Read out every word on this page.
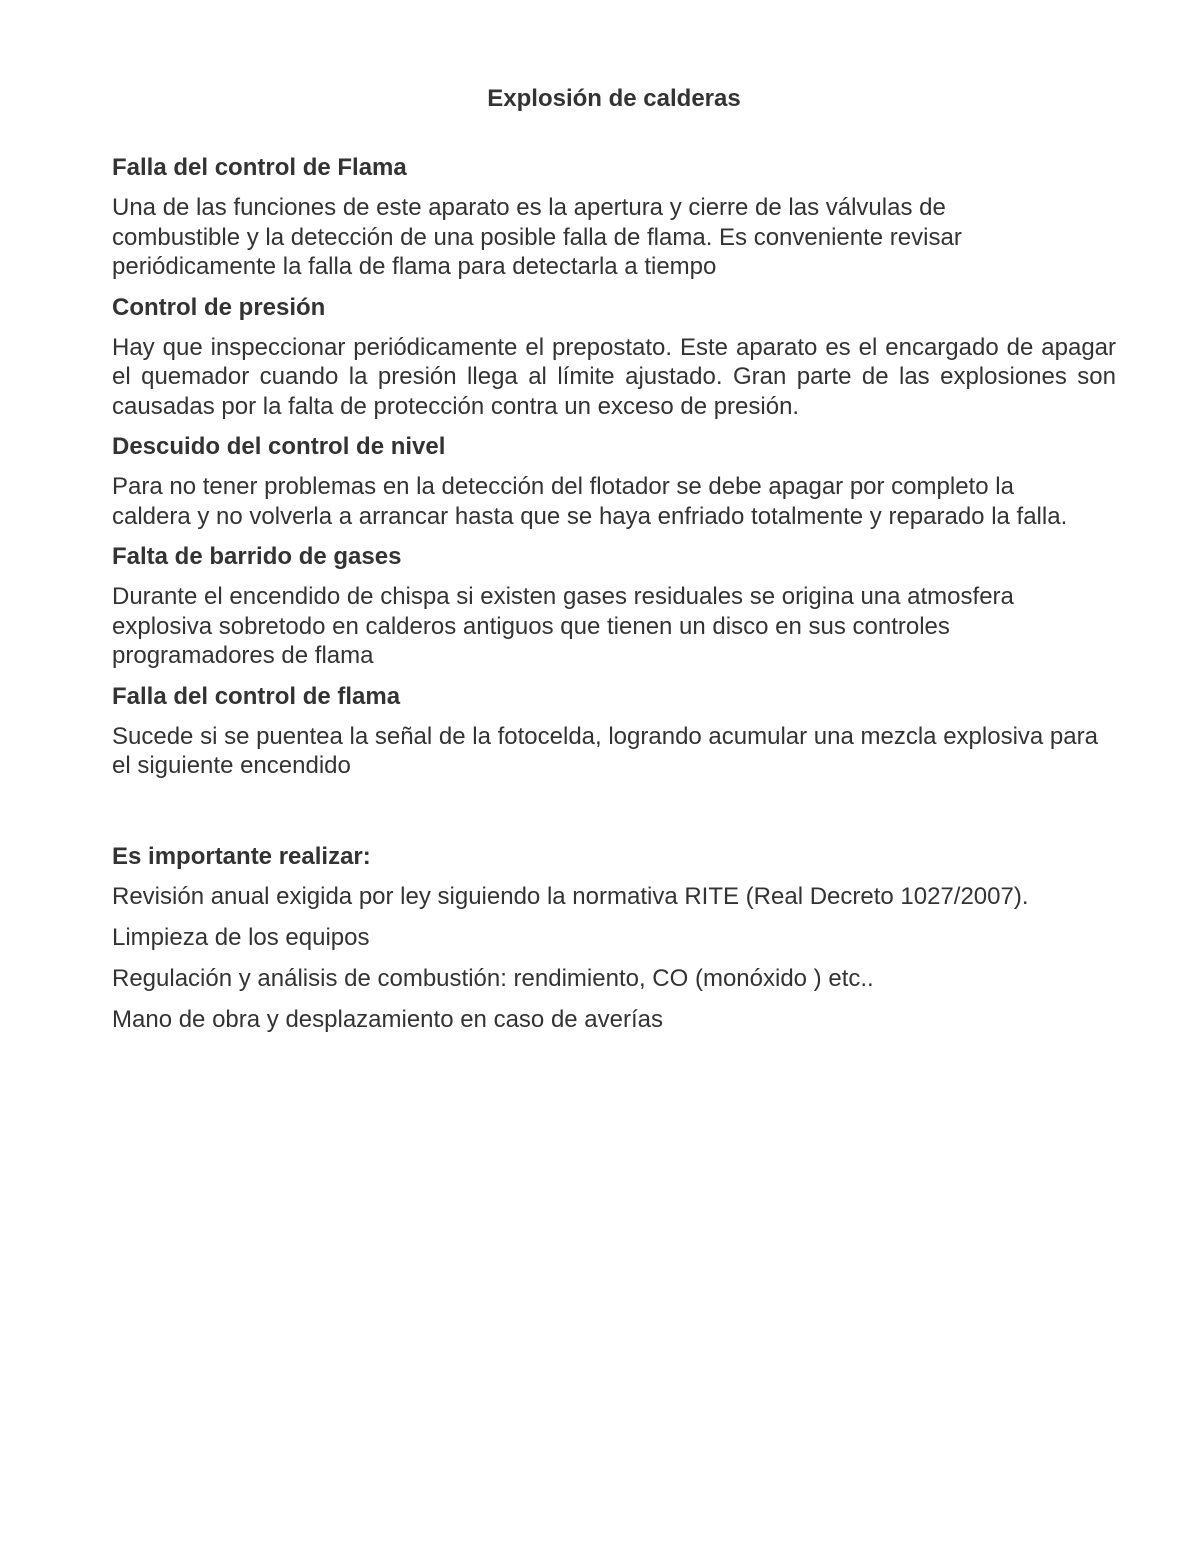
Explosión de calderas
Falla del control de Flama
Una de las funciones de este aparato es la apertura y cierre de las válvulas de combustible y la detección de una posible falla de flama. Es conveniente revisar periódicamente la falla de flama para detectarla a tiempo
Control de presión
Hay que inspeccionar periódicamente el prepostato. Este aparato es el encargado de apagar el quemador cuando la presión llega al límite ajustado. Gran parte de las explosiones son causadas por la falta de protección contra un exceso de presión.
Descuido del control de nivel
Para no tener problemas en la detección del flotador se debe apagar por completo la caldera y no volverla a arrancar hasta que se haya enfriado totalmente y reparado la falla.
Falta de barrido de gases
Durante el encendido de chispa si existen gases residuales se origina una atmosfera explosiva sobretodo en calderos antiguos que tienen un disco en sus controles programadores de flama
Falla del control de flama
Sucede si se puentea la señal de la fotocelda, logrando acumular una mezcla explosiva para el siguiente encendido
Es importante realizar:
Revisión anual exigida por ley siguiendo la normativa RITE (Real Decreto 1027/2007).
Limpieza de los equipos
Regulación y análisis de combustión: rendimiento, CO (monóxido ) etc..
Mano de obra y desplazamiento en caso de averías
